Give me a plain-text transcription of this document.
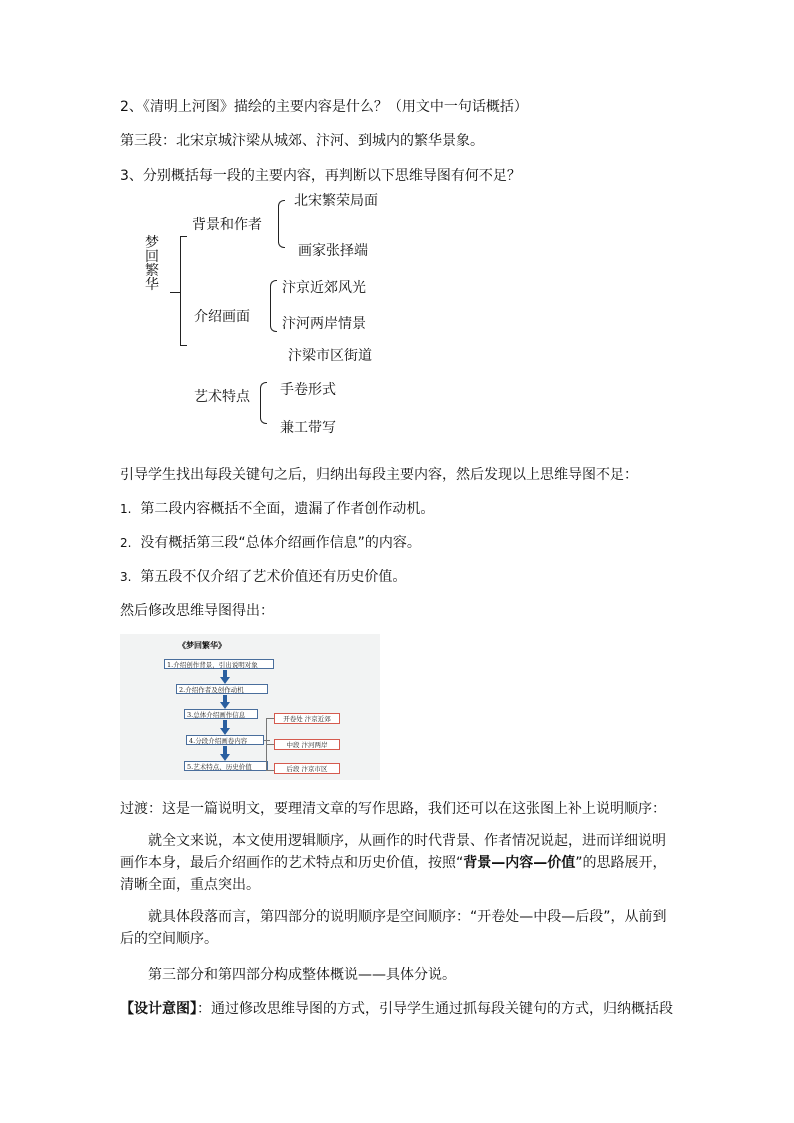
2、《清明上河图》描绘的主要内容是什么？（用文中一句话概括）
第三段：北宋京城汴梁从城郊、汴河、到城内的繁华景象。
3、分别概括每一段的主要内容，再判断以下思维导图有何不足？
梦回繁华
背景和作者
北宋繁荣局面
画家张择端
介绍画面
汴京近郊风光
汴河两岸情景
汴梁市区街道
艺术特点 手卷形式
兼工带写
引导学生找出每段关键句之后，归纳出每段主要内容，然后发现以上思维导图不足：
1. 第二段内容概括不全面，遗漏了作者创作动机。
2. 没有概括第三段“总体介绍画作信息”的内容。
3. 第五段不仅介绍了艺术价值还有历史价值。
然后修改思维导图得出：
《梦回繁华》
1.介绍创作背景，引出说明对象
2.介绍作者及创作动机
3.总体介绍画作信息
4.分段介绍画卷内容
5.艺术特点、历史价值
开卷处 汴京近郊
中段 汴河两岸
后段 汴京市区
过渡：这是一篇说明文，要理清文章的写作思路，我们还可以在这张图上补上说明顺序：
就全文来说，本文使用逻辑顺序，从画作的时代背景、作者情况说起，进而详细说明画作本身，最后介绍画作的艺术特点和历史价值，按照“背景—内容—价值”的思路展开，清晰全面，重点突出。
就具体段落而言，第四部分的说明顺序是空间顺序：“开卷处—中段—后段”，从前到后的空间顺序。
第三部分和第四部分构成整体概说——具体分说。
【设计意图】：通过修改思维导图的方式，引导学生通过抓每段关键句的方式，归纳概括段
